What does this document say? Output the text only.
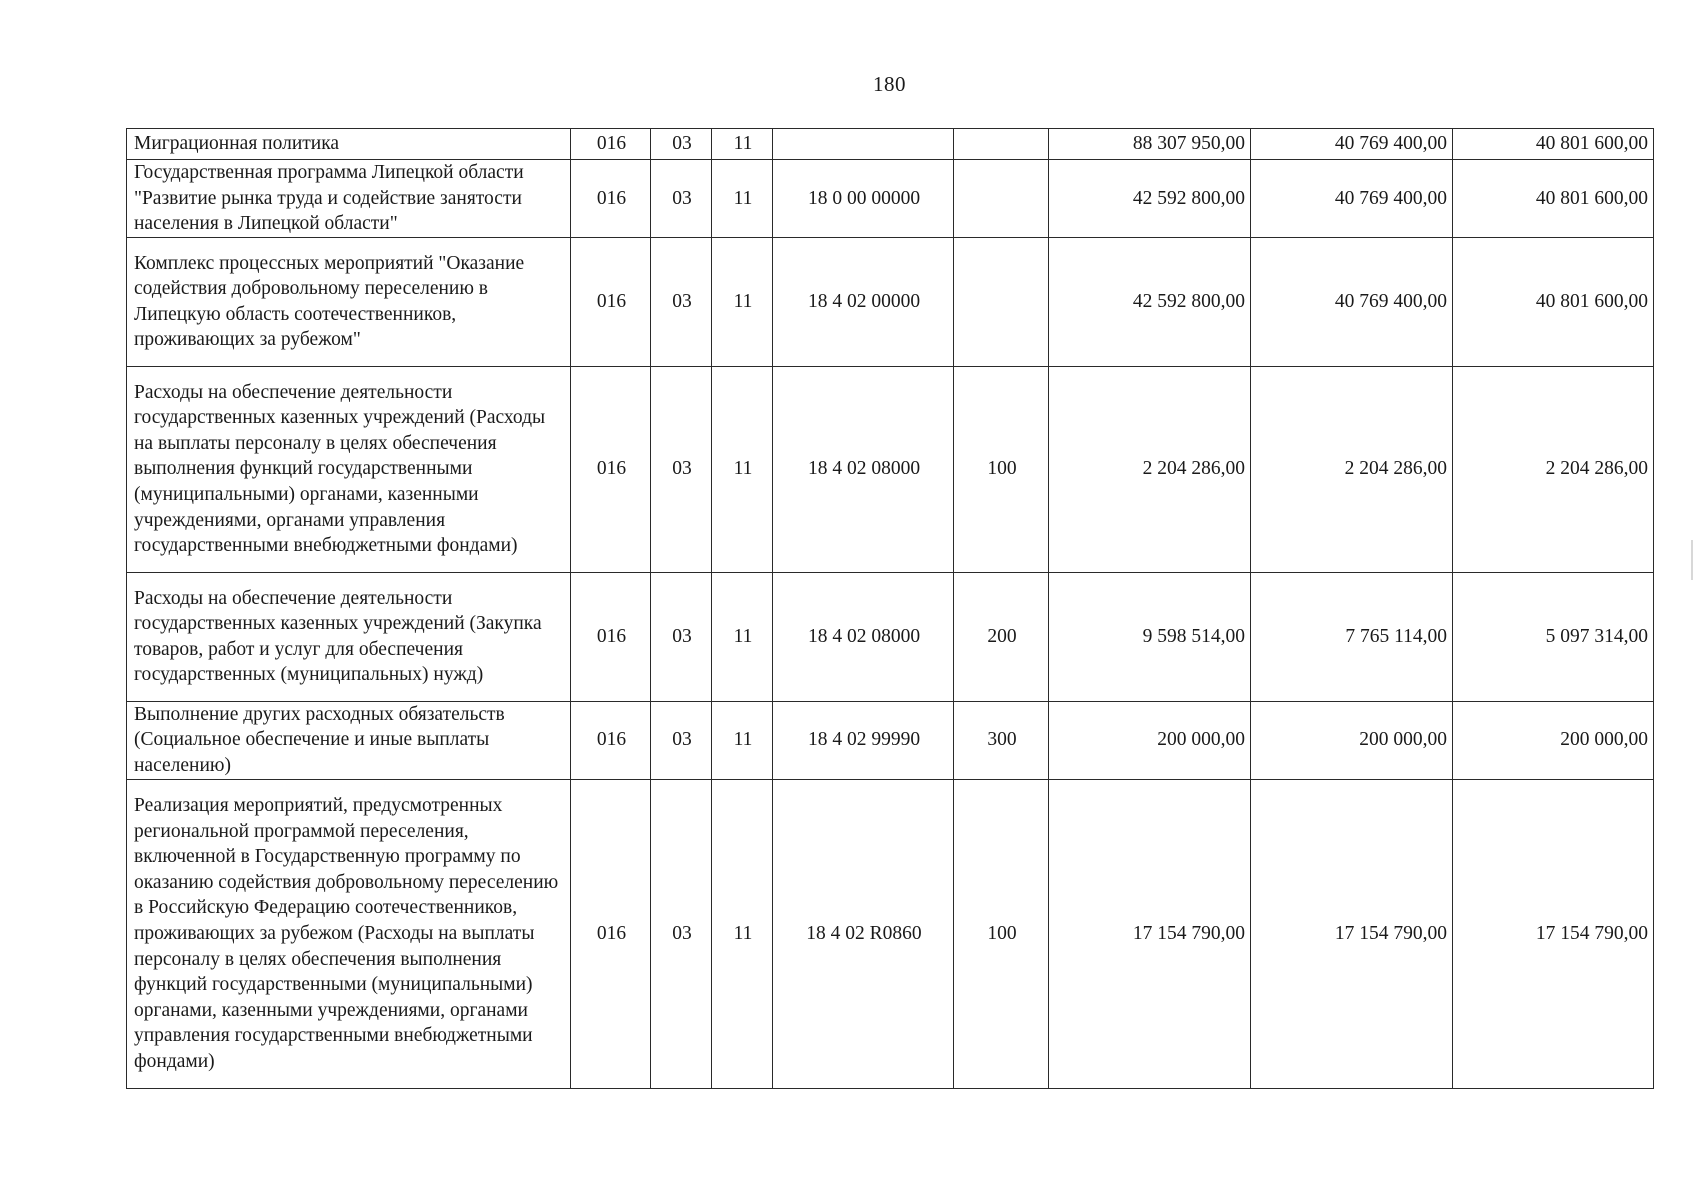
180
Миграционная политика	016	03	11			88 307 950,00	40 769 400,00	40 801 600,00
Государственная программа Липецкой области "Развитие рынка труда и содействие занятости населения в Липецкой области"	016	03	11	18 0 00 00000		42 592 800,00	40 769 400,00	40 801 600,00
Комплекс процессных мероприятий "Оказание содействия добровольному переселению в Липецкую область соотечественников, проживающих за рубежом"	016	03	11	18 4 02 00000		42 592 800,00	40 769 400,00	40 801 600,00
Расходы на обеспечение деятельности государственных казенных учреждений (Расходы на выплаты персоналу в целях обеспечения выполнения функций государственными (муниципальными) органами, казенными учреждениями, органами управления государственными внебюджетными фондами)	016	03	11	18 4 02 08000	100	2 204 286,00	2 204 286,00	2 204 286,00
Расходы на обеспечение деятельности государственных казенных учреждений (Закупка товаров, работ и услуг для обеспечения государственных (муниципальных) нужд)	016	03	11	18 4 02 08000	200	9 598 514,00	7 765 114,00	5 097 314,00
Выполнение других расходных обязательств (Социальное обеспечение и иные выплаты населению)	016	03	11	18 4 02 99990	300	200 000,00	200 000,00	200 000,00
Реализация мероприятий, предусмотренных региональной программой переселения, включенной в Государственную программу по оказанию содействия добровольному переселению в Российскую Федерацию соотечественников, проживающих за рубежом (Расходы на выплаты персоналу в целях обеспечения выполнения функций государственными (муниципальными) органами, казенными учреждениями, органами управления государственными внебюджетными фондами)	016	03	11	18 4 02 R0860	100	17 154 790,00	17 154 790,00	17 154 790,00
